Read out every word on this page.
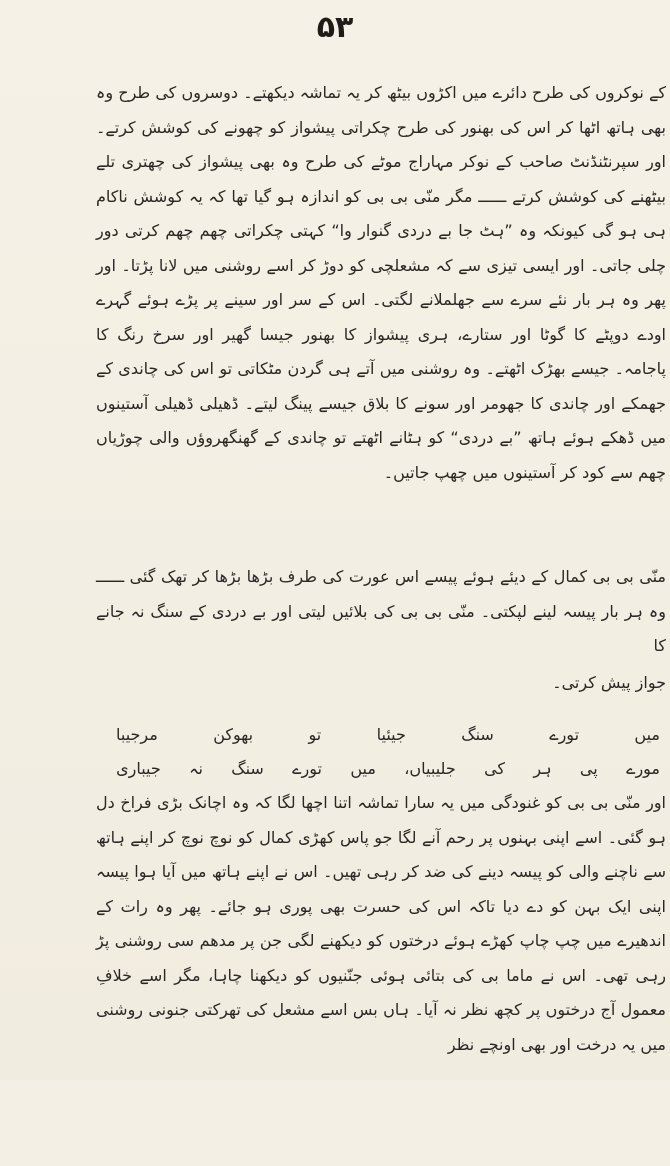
۵۳

کے نوکروں کی طرح دائرے میں اکڑوں بیٹھ کر یہ تماشہ دیکھتے۔ دوسروں کی طرح وہ بھی ہاتھ اٹھا کر اس کی بھنور کی طرح چکراتی پیشواز کو چھونے کی کوشش کرتے۔ اور سپرنٹنڈنٹ صاحب کے نوکر مہاراج موٹے کی طرح وہ بھی پیشواز کی چھتری تلے بیٹھنے کی کوشش کرتے ــــــ مگر منّی بی بی کو اندازہ ہو گیا تھا کہ یہ کوشش ناکام ہی ہو گی کیونکہ وہ ”ہٹ جا بے دردی گنوار وا“ کہتی چکراتی چھم چھم کرتی دور چلی جاتی۔ اور ایسی تیزی سے کہ مشعلچی کو دوڑ کر اسے روشنی میں لانا پڑتا۔ اور پھر وہ ہر بار نئے سرے سے جھلملانے لگتی۔ اس کے سر اور سینے پر پڑے ہوئے گہرے اودے دوپٹے کا گوٹا اور ستارے، ہری پیشواز کا بھنور جیسا گھیر اور سرخ رنگ کا پاجامہ۔ جیسے بھڑک اٹھتے۔ وہ روشنی میں آتے ہی گردن مٹکاتی تو اس کی چاندی کے جھمکے اور چاندی کا جھومر اور سونے کا بلاق جیسے پینگ لیتے۔ ڈھیلی ڈھیلی آستینوں میں ڈھکے ہوئے ہاتھ ”بے دردی“ کو ہٹانے اٹھتے تو چاندی کے گھنگھروؤں والی چوڑیاں چھم سے کود کر آستینوں میں چھپ جاتیں۔

منّی بی بی کمال کے دیئے ہوئے پیسے اس عورت کی طرف بڑھا بڑھا کر تھک گئی ــــــ وہ ہر بار پیسہ لینے لپکتی۔ منّی بی بی کی بلائیں لیتی اور بے دردی کے سنگ نہ جانے کا

جواز پیش کرتی۔

میں
تورے
سنگ
جیئیا
تو
بھوکن
مرجیبا
مورے
پی
ہر
کی
جلیبیاں،
میں
تورے
سنگ
نہ
جیباری

اور منّی بی بی کو غنودگی میں یہ سارا تماشہ اتنا اچھا لگا کہ وہ اچانک بڑی فراخ دل ہو گئی۔ اسے اپنی بہنوں پر رحم آنے لگا جو پاس کھڑی کمال کو نوچ نوچ کر اپنے ہاتھ سے ناچنے والی کو پیسہ دینے کی ضد کر رہی تھیں۔ اس نے اپنے ہاتھ میں آیا ہوا پیسہ اپنی ایک بہن کو دے دیا تاکہ اس کی حسرت بھی پوری ہو جائے۔ پھر وہ رات کے اندھیرے میں چپ چاپ کھڑے ہوئے درختوں کو دیکھنے لگی جن پر مدھم سی روشنی پڑ رہی تھی۔ اس نے ماما بی کی بتائی ہوئی جنّنیوں کو دیکھنا چاہا، مگر اسے خلافِ معمول آج درختوں پر کچھ نظر نہ آیا۔ ہاں بس اسے مشعل کی تھرکتی جنونی روشنی میں یہ درخت اور بھی اونچے نظر
